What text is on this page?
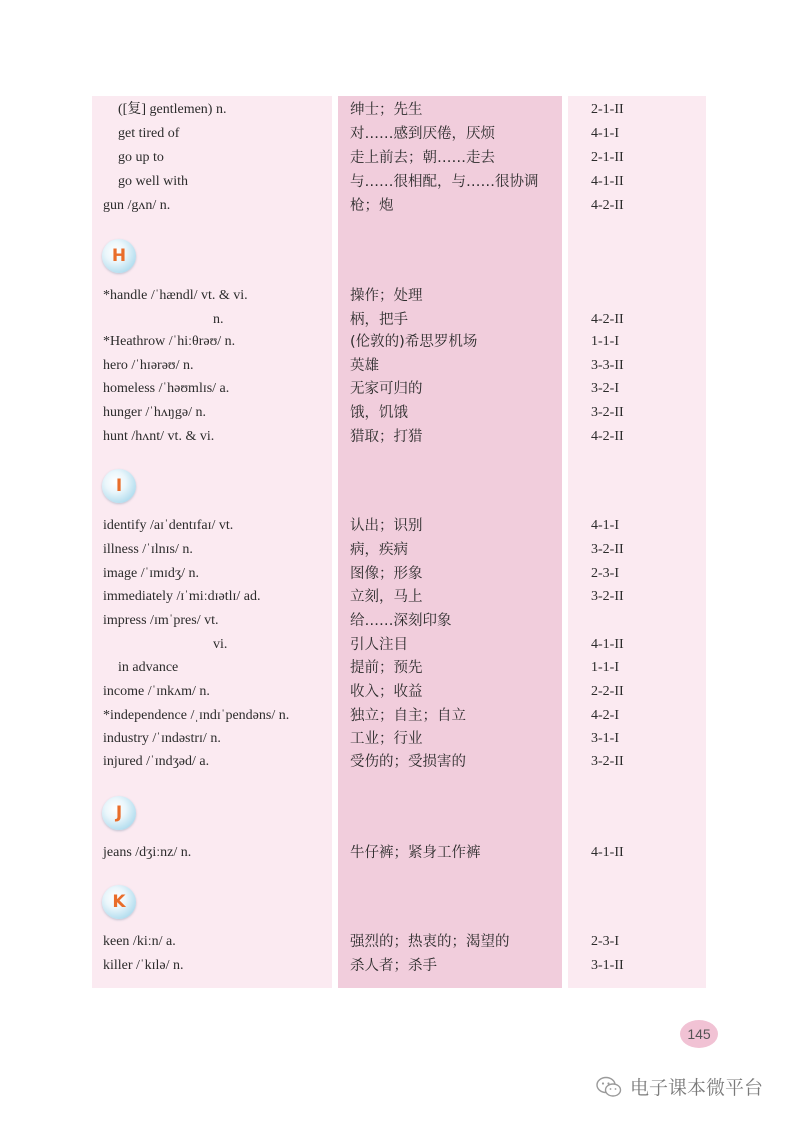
([复] gentlemen) n.	绅士；先生	2-1-II
get tired of	对……感到厌倦，厌烦	4-1-I
go up to	走上前去；朝……走去	2-1-II
go well with	与……很相配，与……很协调	4-1-II
gun /gʌn/ n.	枪；炮	4-2-II
H
*handle /ˈhændl/ vt. & vi.	操作；处理
n.	柄，把手	4-2-II
*Heathrow /ˈhiːθrəʊ/ n.	(伦敦的)希思罗机场	1-1-I
hero /ˈhɪərəʊ/ n.	英雄	3-3-II
homeless /ˈhəʊmlɪs/ a.	无家可归的	3-2-I
hunger /ˈhʌŋgə/ n.	饿，饥饿	3-2-II
hunt /hʌnt/ vt. & vi.	猎取；打猎	4-2-II
I
identify /aɪˈdentɪfaɪ/ vt.	认出；识别	4-1-I
illness /ˈɪlnɪs/ n.	病，疾病	3-2-II
image /ˈɪmɪdʒ/ n.	图像；形象	2-3-I
immediately /ɪˈmiːdɪətlɪ/ ad.	立刻，马上	3-2-II
impress /ɪmˈpres/ vt.	给……深刻印象
vi.	引人注目	4-1-II
in advance	提前；预先	1-1-I
income /ˈɪnkʌm/ n.	收入；收益	2-2-II
*independence /ˌɪndɪˈpendəns/ n.	独立；自主；自立	4-2-I
industry /ˈɪndəstrɪ/ n.	工业；行业	3-1-I
injured /ˈɪndʒəd/ a.	受伤的；受损害的	3-2-II
J
jeans /dʒiːnz/ n.	牛仔裤；紧身工作裤	4-1-II
K
keen /kiːn/ a.	强烈的；热衷的；渴望的	2-3-I
killer /ˈkɪlə/ n.	杀人者；杀手	3-1-II
145
电子课本微平台
